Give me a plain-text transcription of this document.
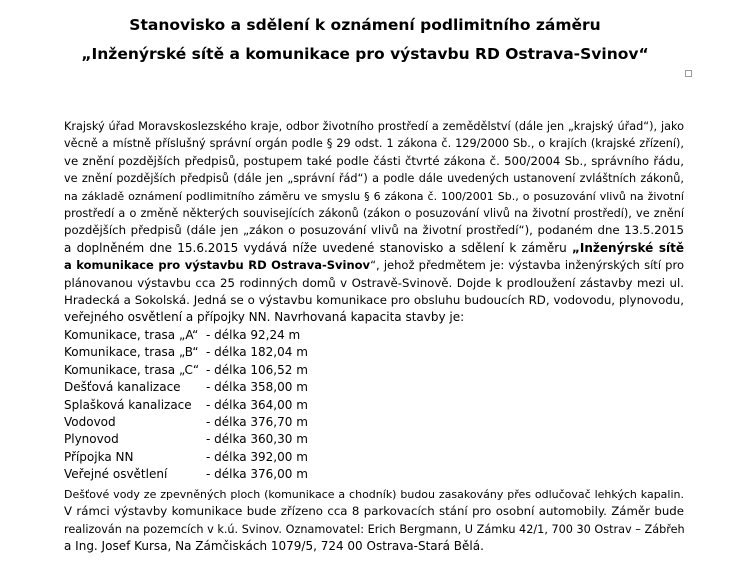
Stanovisko a sdělení k oznámení podlimitního záměru
„Inženýrské sítě a komunikace pro výstavbu RD Ostrava-Svinov“
Krajský úřad Moravskoslezského kraje, odbor životního prostředí a zemědělství (dále jen „krajský úřad“), jako
věcně a místně příslušný správní orgán podle § 29 odst. 1 zákona č. 129/2000 Sb., o krajích (krajské zřízení),
ve znění pozdějších předpisů, postupem také podle části čtvrté zákona č. 500/2004 Sb., správního řádu,
ve znění pozdějších předpisů (dále jen „správní řád“) a podle dále uvedených ustanovení zvláštních zákonů,
na základě oznámení podlimitního záměru ve smyslu § 6 zákona č. 100/2001 Sb., o posuzování vlivů na životní
prostředí a o změně některých souvisejících zákonů (zákon o posuzování vlivů na životní prostředí), ve znění
pozdějších předpisů (dále jen „zákon o posuzování vlivů na životní prostředí“), podaném dne 13.5.2015
a doplněném dne 15.6.2015 vydává níže uvedené stanovisko a sdělení k záměru „Inženýrské sítě
a komunikace pro výstavbu RD Ostrava-Svinov“, jehož předmětem je: výstavba inženýrských sítí pro
plánovanou výstavbu cca 25 rodinných domů v Ostravě-Svinově. Dojde k prodloužení zástavby mezi ul.
Hradecká a Sokolská. Jedná se o výstavbu komunikace pro obsluhu budoucích RD, vodovodu, plynovodu,
veřejného osvětlení a přípojky NN. Navrhovaná kapacita stavby je:
Komunikace, trasa „A“ - délka 92,24 m
Komunikace, trasa „B“ - délka 182,04 m
Komunikace, trasa „C“ - délka 106,52 m
Dešťová kanalizace - délka 358,00 m
Splašková kanalizace - délka 364,00 m
Vodovod	- délka 376,70 m
Plynovod	- délka 360,30 m
Přípojka NN	- délka 392,00 m
Veřejné osvětlení	- délka 376,00 m
Dešťové vody ze zpevněných ploch (komunikace a chodník) budou zasakovány přes odlučovač lehkých kapalin.
V rámci výstavby komunikace bude zřízeno cca 8 parkovacích stání pro osobní automobily. Záměr bude
realizován na pozemcích v k.ú. Svinov. Oznamovatel: Erich Bergmann, U Zámku 42/1, 700 30 Ostrav – Zábřeh
a Ing. Josef Kursa, Na Zámčiskách 1079/5, 724 00 Ostrava-Stará Bělá.
